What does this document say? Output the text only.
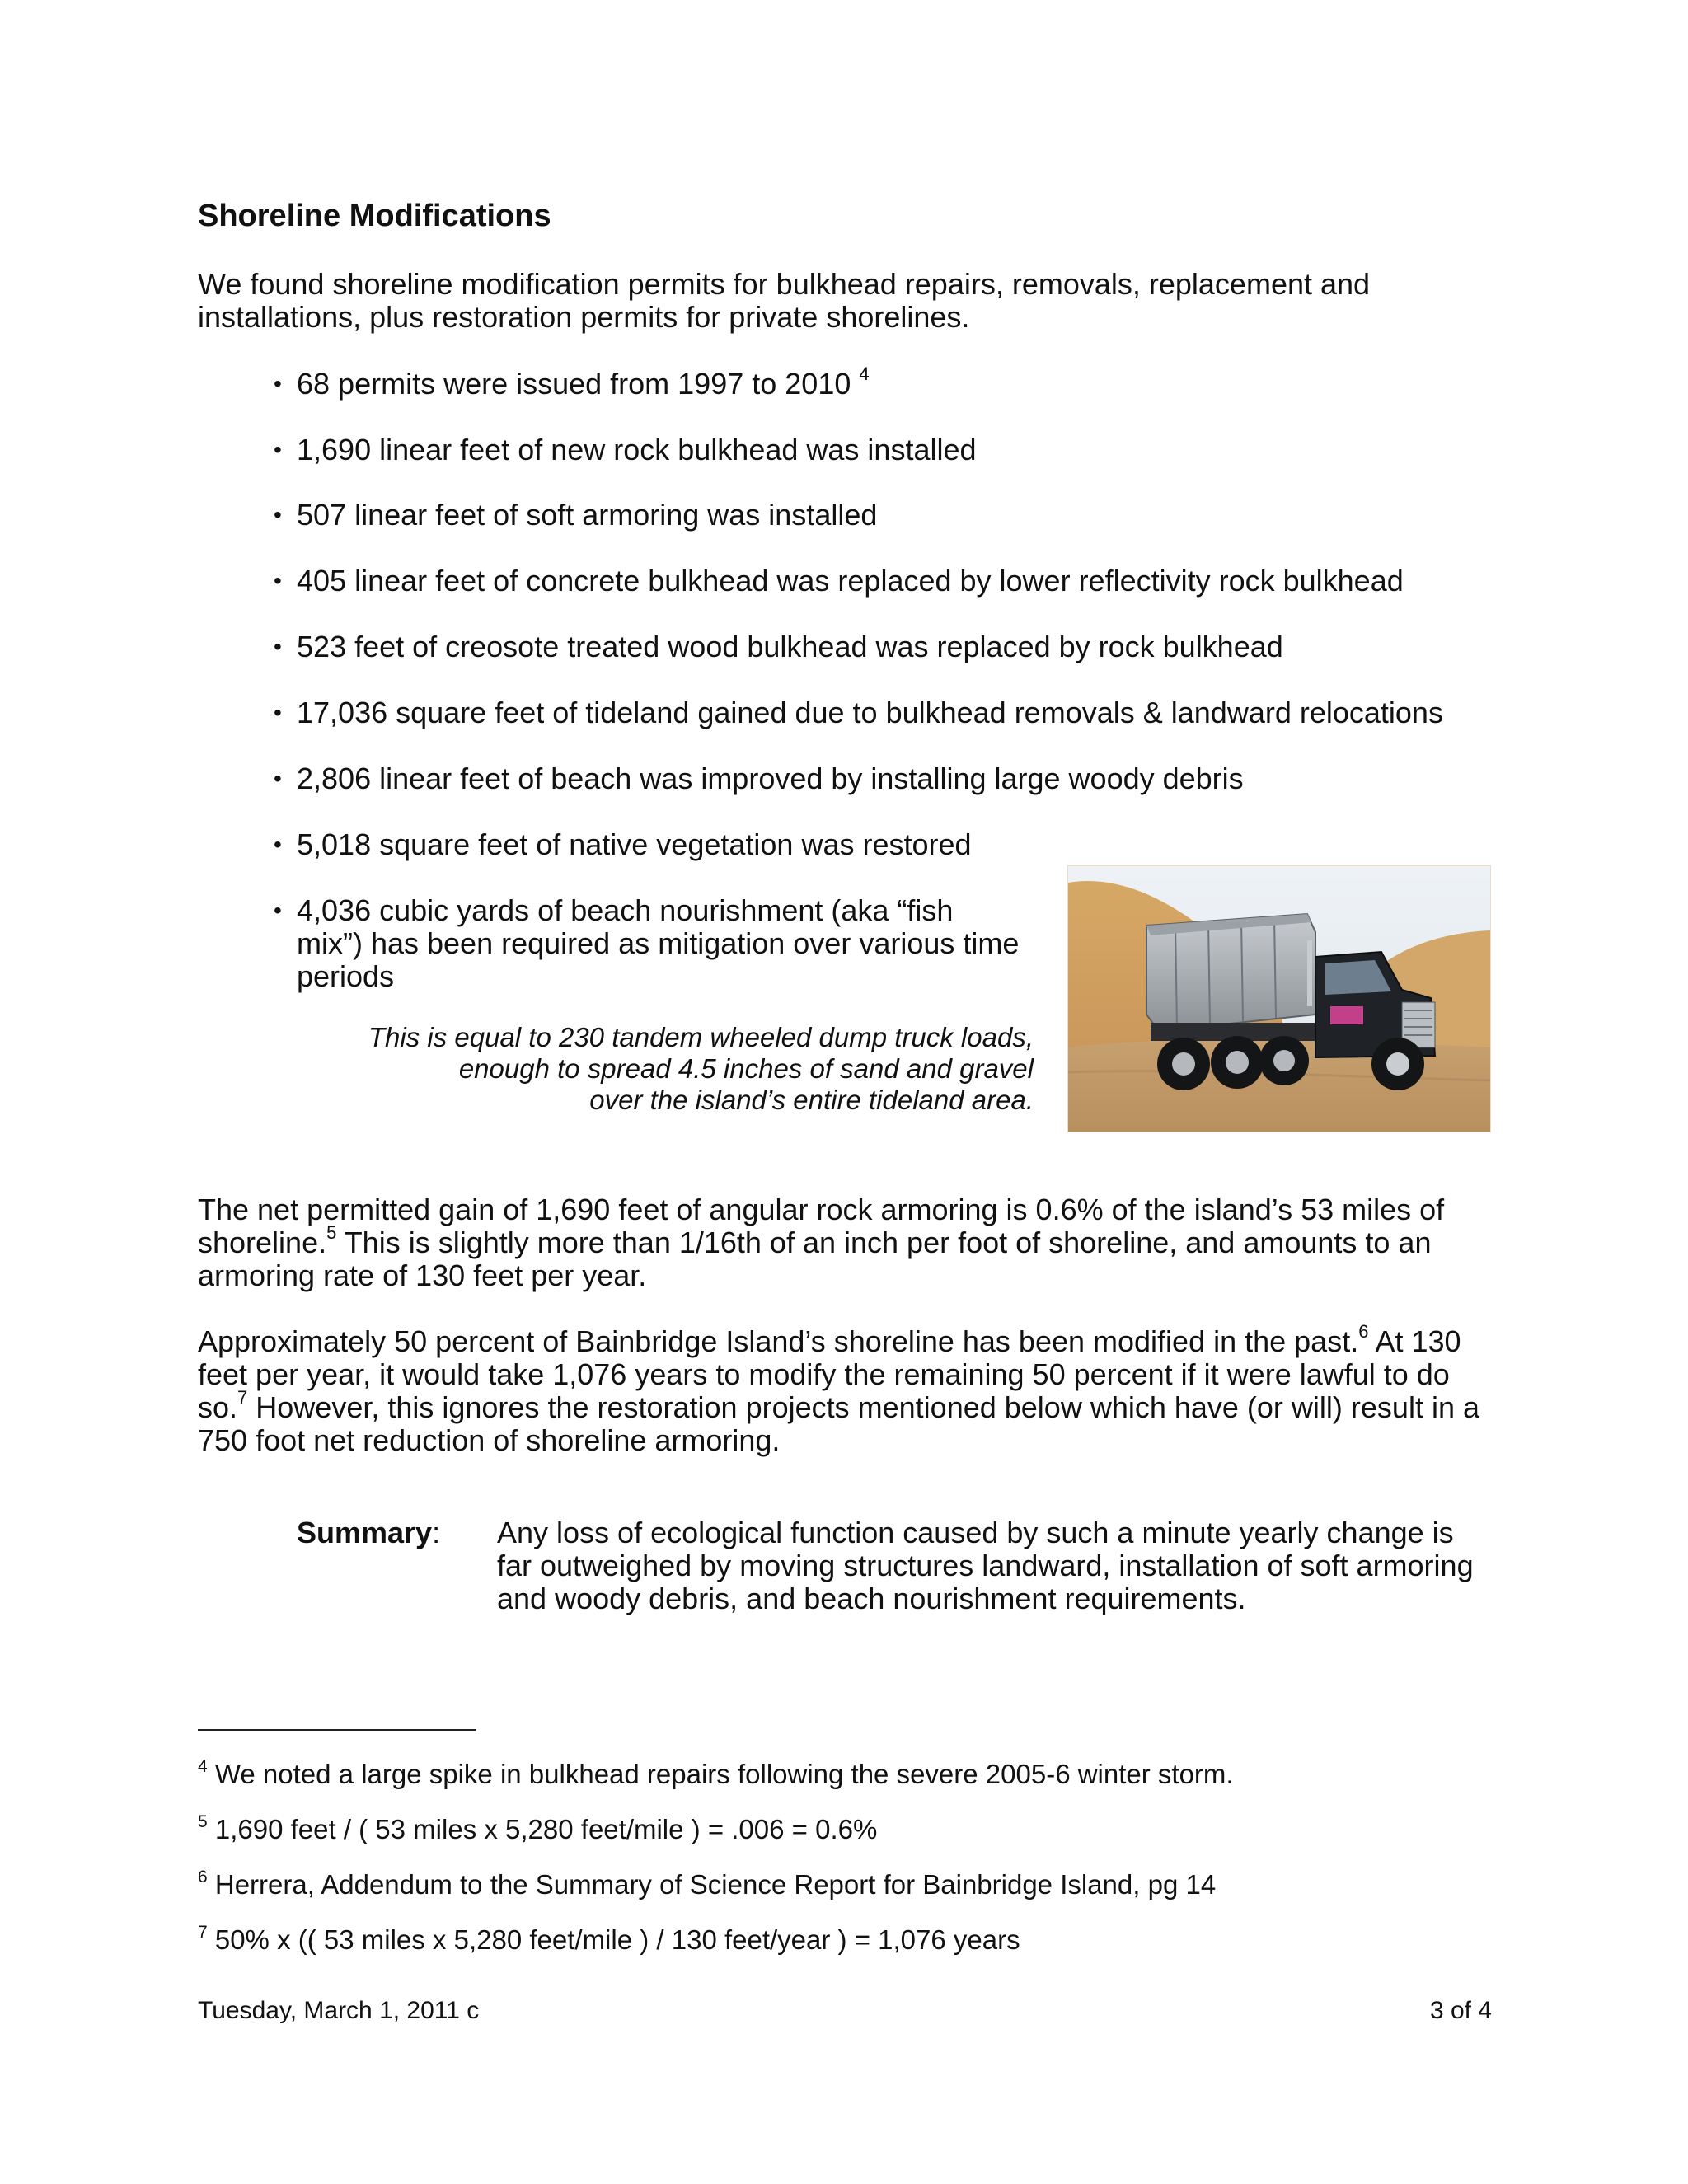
Shoreline Modifications

We found shoreline modification permits for bulkhead repairs, removals, replacement and installations, plus restoration permits for private shorelines.

• 68 permits were issued from 1997 to 2010 $^4$
• 1,690 linear feet of new rock bulkhead was installed
• 507 linear feet of soft armoring was installed
• 405 linear feet of concrete bulkhead was replaced by lower reflectivity rock bulkhead
• 523 feet of creosote treated wood bulkhead was replaced by rock bulkhead
• 17,036 square feet of tideland gained due to bulkhead removals & landward relocations
• 2,806 linear feet of beach was improved by installing large woody debris
• 5,018 square feet of native vegetation was restored
• 4,036 cubic yards of beach nourishment (aka “fish
mix”) has been required as mitigation over various time
periods
This is equal to 230 tandem wheeled dump truck loads,
enough to spread 4.5 inches of sand and gravel
over the island’s entire tideland area.

The net permitted gain of 1,690 feet of angular rock armoring is 0.6% of the island’s 53 miles of shoreline.$^5$ This is slightly more than 1/16th of an inch per foot of shoreline, and amounts to an armoring rate of 130 feet per year.

Approximately 50 percent of Bainbridge Island’s shoreline has been modified in the past.$^6$ At 130 feet per year, it would take 1,076 years to modify the remaining 50 percent if it were lawful to do so.$^7$ However, this ignores the restoration projects mentioned below which have (or will) result in a 750 foot net reduction of shoreline armoring.

Summary: Any loss of ecological function caused by such a minute yearly change is far outweighed by moving structures landward, installation of soft armoring and woody debris, and beach nourishment requirements.

$^4$ We noted a large spike in bulkhead repairs following the severe 2005-6 winter storm.
$^5$ 1,690 feet / ( 53 miles x 5,280 feet/mile ) = .006 = 0.6%
$^6$ Herrera, Addendum to the Summary of Science Report for Bainbridge Island, pg 14
$^7$ 50% x (( 53 miles x 5,280 feet/mile ) / 130 feet/year ) = 1,076 years
Tuesday, March 1, 2011 c	3 of 4
